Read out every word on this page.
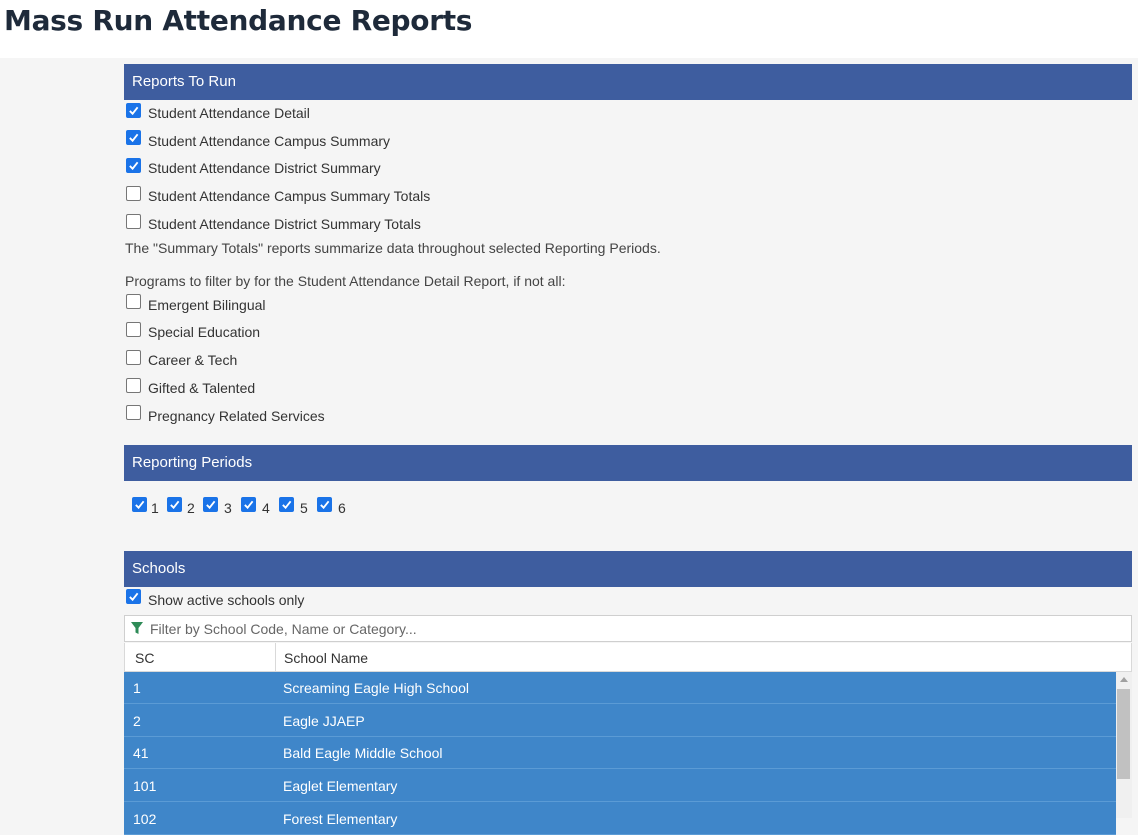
Mass Run Attendance Reports
Reports To Run
Student Attendance Detail
Student Attendance Campus Summary
Student Attendance District Summary
Student Attendance Campus Summary Totals
Student Attendance District Summary Totals
The "Summary Totals" reports summarize data throughout selected Reporting Periods.
Programs to filter by for the Student Attendance Detail Report, if not all:
Emergent Bilingual
Special Education
Career & Tech
Gifted & Talented
Pregnancy Related Services
Reporting Periods
1 2 3 4 5 6
Schools
Show active schools only
Filter by School Code, Name or Category...
SC	School Name
1	Screaming Eagle High School
2	Eagle JJAEP
41	Bald Eagle Middle School
101	Eaglet Elementary
102	Forest Elementary
